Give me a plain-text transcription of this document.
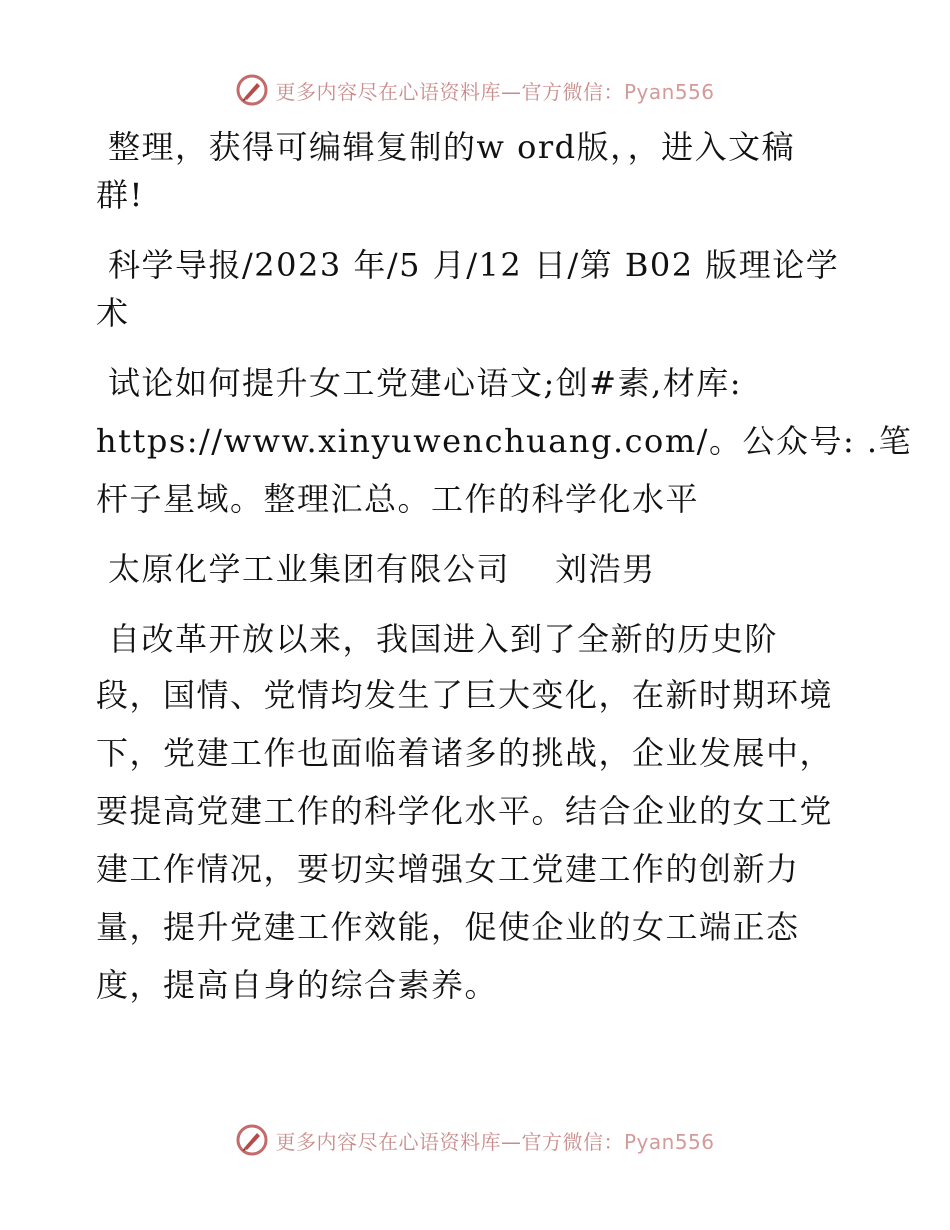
更多内容尽在心语资料库—官方微信：Pyan556

整理，获得可编辑复制的w ord版，，进入文稿

群!

科学导报/2023 年/5 月/12 日/第 B02 版理论学

术

试论如何提升女工党建心语文;创#素,材库:

https://www.xinyuwenchuang.com/。公众号: .笔
杆子星域。整理汇总。工作的科学化水平

太原化学工业集团有限公司　 刘浩男

自改革开放以来，我国进入到了全新的历史阶

段，国情、党情均发生了巨大变化，在新时期环境
下，党建工作也面临着诸多的挑战，企业发展中，
要提高党建工作的科学化水平。结合企业的女工党
建工作情况，要切实增强女工党建工作的创新力
量，提升党建工作效能，促使企业的女工端正态
度，提高自身的综合素养。

更多内容尽在心语资料库—官方微信：Pyan556
